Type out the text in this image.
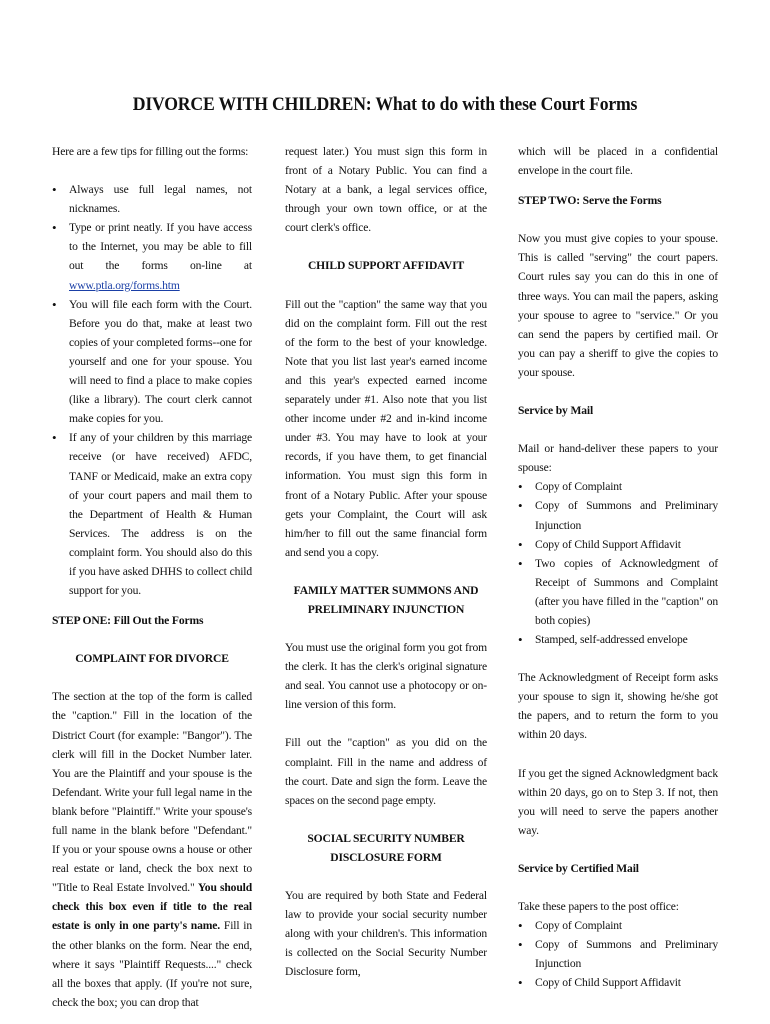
DIVORCE WITH CHILDREN: What to do with these Court Forms

Here are a few tips for filling out the forms:

• Always use full legal names, not nicknames.
• Type or print neatly. If you have access to the Internet, you may be able to fill out the forms on-line at www.ptla.org/forms.htm
• You will file each form with the Court. Before you do that, make at least two copies of your completed forms--one for yourself and one for your spouse. You will need to find a place to make copies (like a library). The court clerk cannot make copies for you.
• If any of your children by this marriage receive (or have received) AFDC, TANF or Medicaid, make an extra copy of your court papers and mail them to the Department of Health & Human Services. The address is on the complaint form. You should also do this if you have asked DHHS to collect child support for you.

STEP ONE: Fill Out the Forms

COMPLAINT FOR DIVORCE

The section at the top of the form is called the "caption." Fill in the location of the District Court (for example: "Bangor"). The clerk will fill in the Docket Number later. You are the Plaintiff and your spouse is the Defendant. Write your full legal name in the blank before "Plaintiff." Write your spouse's full name in the blank before "Defendant." If you or your spouse owns a house or other real estate or land, check the box next to "Title to Real Estate Involved." You should check this box even if title to the real estate is only in one party's name. Fill in the other blanks on the form. Near the end, where it says "Plaintiff Requests...." check all the boxes that apply. (If you're not sure, check the box; you can drop that

request later.) You must sign this form in front of a Notary Public. You can find a Notary at a bank, a legal services office, through your own town office, or at the court clerk's office.

CHILD SUPPORT AFFIDAVIT

Fill out the "caption" the same way that you did on the complaint form. Fill out the rest of the form to the best of your knowledge. Note that you list last year's earned income and this year's expected earned income separately under #1. Also note that you list other income under #2 and in-kind income under #3. You may have to look at your records, if you have them, to get financial information. You must sign this form in front of a Notary Public. After your spouse gets your Complaint, the Court will ask him/her to fill out the same financial form and send you a copy.

FAMILY MATTER SUMMONS AND
PRELIMINARY INJUNCTION

You must use the original form you got from the clerk. It has the clerk's original signature and seal. You cannot use a photocopy or on-line version of this form.

Fill out the "caption" as you did on the complaint. Fill in the name and address of the court. Date and sign the form. Leave the spaces on the second page empty.

SOCIAL SECURITY NUMBER
DISCLOSURE FORM

You are required by both State and Federal law to provide your social security number along with your children's. This information is collected on the Social Security Number Disclosure form,

which will be placed in a confidential envelope in the court file.

STEP TWO: Serve the Forms

Now you must give copies to your spouse. This is called "serving" the court papers. Court rules say you can do this in one of three ways. You can mail the papers, asking your spouse to agree to "service." Or you can send the papers by certified mail. Or you can pay a sheriff to give the copies to your spouse.

Service by Mail

Mail or hand-deliver these papers to your spouse:

• Copy of Complaint
• Copy of Summons and Preliminary Injunction
• Copy of Child Support Affidavit
• Two copies of Acknowledgment of Receipt of Summons and Complaint (after you have filled in the "caption" on both copies)
• Stamped, self-addressed envelope

The Acknowledgment of Receipt form asks your spouse to sign it, showing he/she got the papers, and to return the form to you within 20 days.

If you get the signed Acknowledgment back within 20 days, go on to Step 3. If not, then you will need to serve the papers another way.

Service by Certified Mail

Take these papers to the post office:

• Copy of Complaint
• Copy of Summons and Preliminary Injunction
• Copy of Child Support Affidavit
